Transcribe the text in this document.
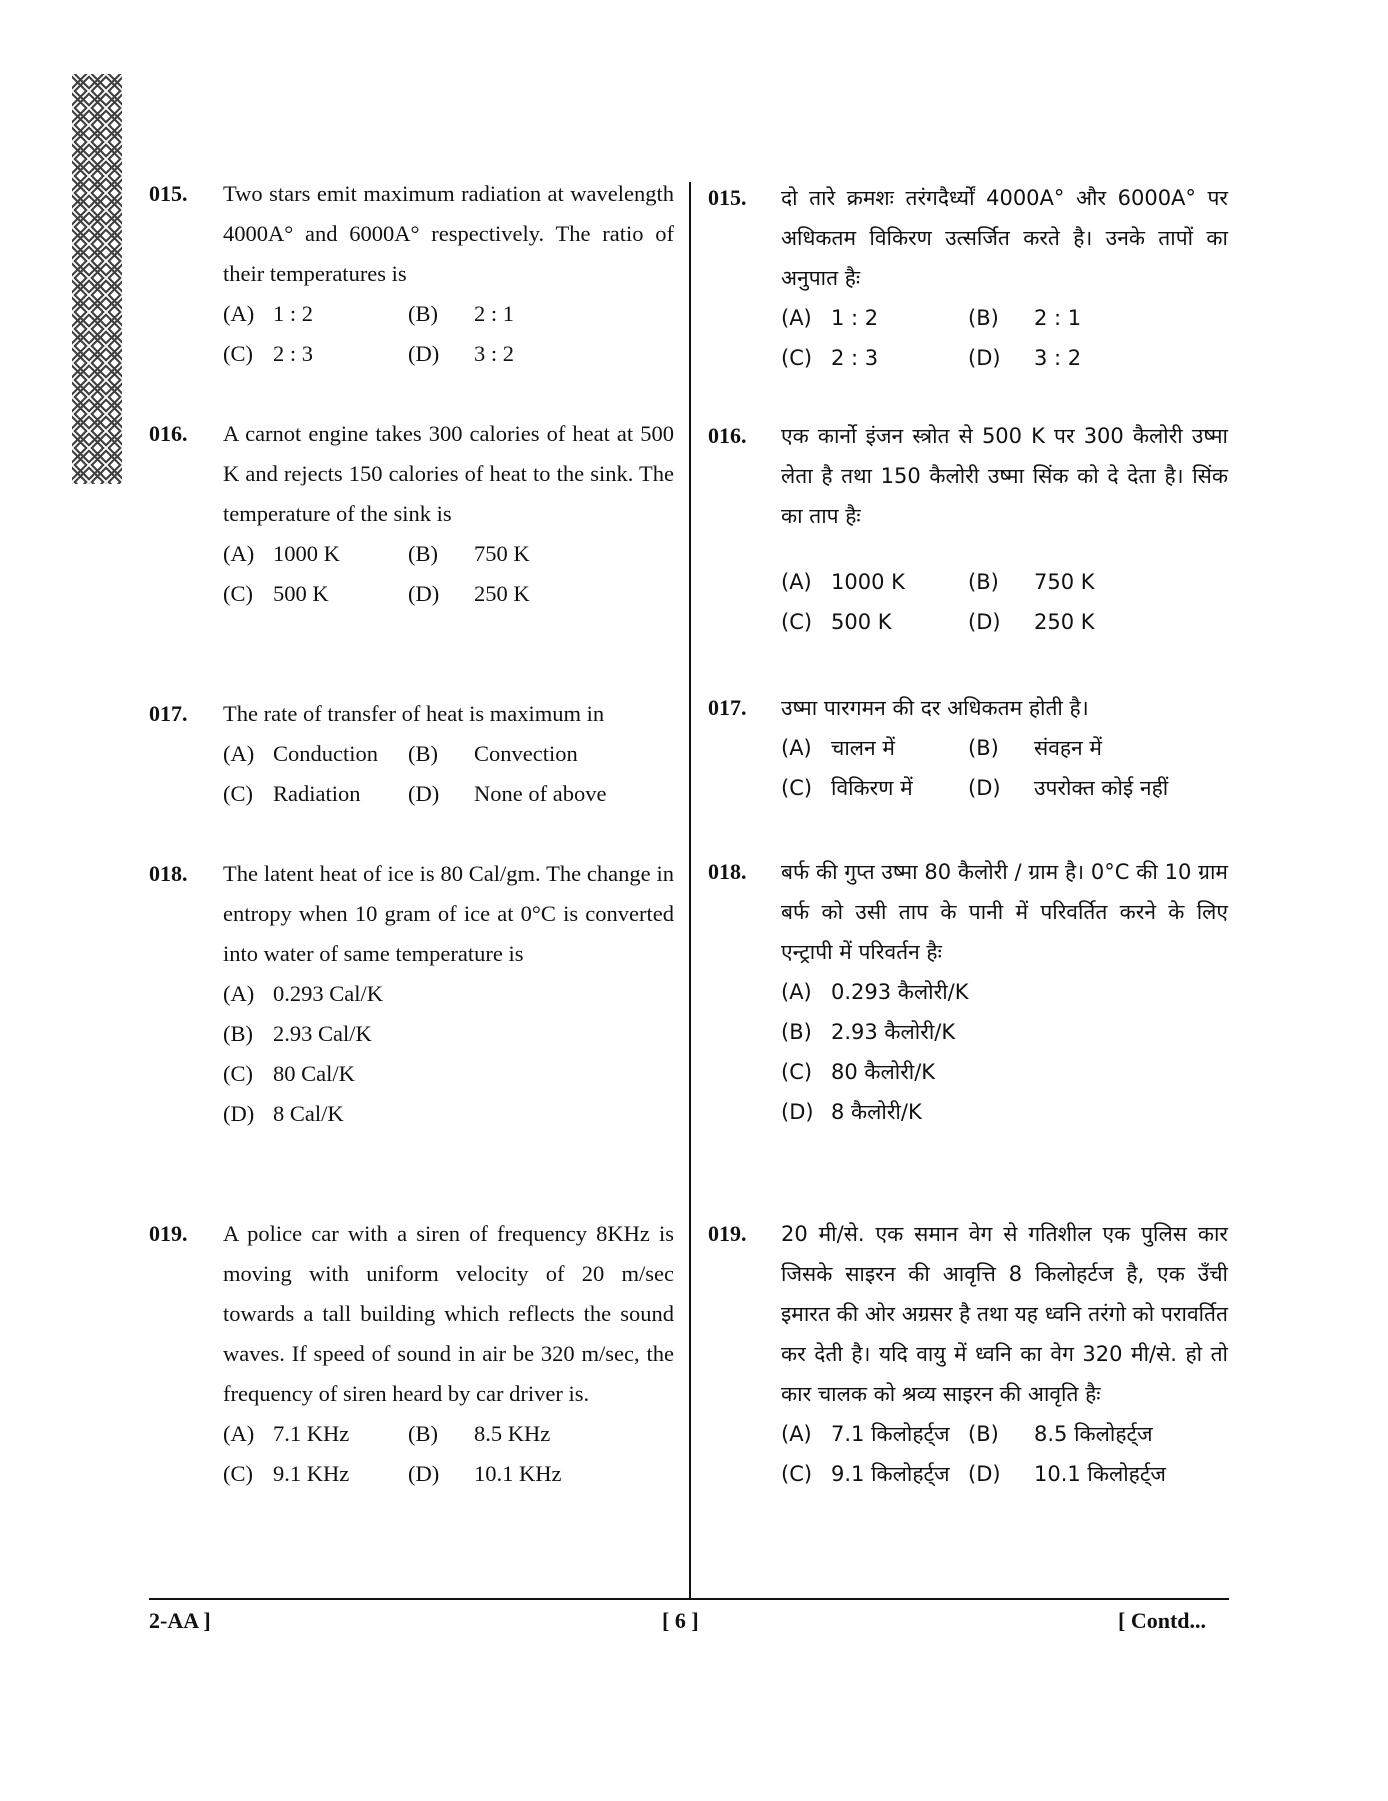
015. Two stars emit maximum radiation at wavelength 4000A° and 6000A° respectively. The ratio of their temperatures is
(A) 1 : 2	(B)	2 : 1
(C) 2 : 3	(D)	3 : 2
016. A carnot engine takes 300 calories of heat at 500 K and rejects 150 calories of heat to the sink. The temperature of the sink is
(A) 1000 K	(B)	750 K
(C) 500 K	(D)	250 K
017. The rate of transfer of heat is maximum in
(A) Conduction (B)	Convection
(C) Radiation (D)	None of above
018. The latent heat of ice is 80 Cal/gm. The change in entropy when 10 gram of ice at 0°C is converted into water of same temperature is
(A) 0.293 Cal/K
(B) 2.93 Cal/K
(C) 80 Cal/K
(D) 8 Cal/K
019. A police car with a siren of frequency 8KHz is moving with uniform velocity of 20 m/sec towards a tall building which reflects the sound waves. If speed of sound in air be 320 m/sec, the frequency of siren heard by car driver is.
(A) 7.1 KHz	(B)	8.5 KHz
(C) 9.1 KHz	(D)	10.1 KHz
015. दो तारे क्रमशः तरंगदैर्ध्यों 4000A° और 6000A° पर अधिकतम विकिरण उत्सर्जित करते है। उनके तापों का अनुपात हैः
(A) 1 : 2	(B)	2 : 1
(C) 2 : 3	(D)	3 : 2
016. एक कार्नो इंजन स्त्रोत से 500 K पर 300 कैलोरी उष्मा लेता है तथा 150 कैलोरी उष्मा सिंक को दे देता है। सिंक का ताप हैः
(A) 1000 K	(B)	750 K
(C) 500 K	(D)	250 K
017. उष्मा पारगमन की दर अधिकतम होती है।
(A) चालन में	(B)	संवहन में
(C) विकिरण में	(D)	उपरोक्त कोई नहीं
018. बर्फ की गुप्त उष्मा 80 कैलोरी / ग्राम है। 0°C की 10 ग्राम बर्फ को उसी ताप के पानी में परिवर्तित करने के लिए एन्ट्रापी में परिवर्तन हैः
(A) 0.293 कैलोरी/K
(B) 2.93 कैलोरी/K
(C) 80 कैलोरी/K
(D) 8 कैलोरी/K
019. 20 मी/से. एक समान वेग से गतिशील एक पुलिस कार जिसके साइरन की आवृत्ति 8 किलोहर्टज है, एक उँची इमारत की ओर अग्रसर है तथा यह ध्वनि तरंगो को परावर्तित कर देती है। यदि वायु में ध्वनि का वेग 320 मी/से. हो तो कार चालक को श्रव्य साइरन की आवृति हैः
(A) 7.1 किलोहर्ट्ज (B)	8.5 किलोहर्ट्ज
(C) 9.1 किलोहर्ट्ज (D)	10.1 किलोहर्ट्ज
2-AA ]	[ 6 ]	[ Contd...
